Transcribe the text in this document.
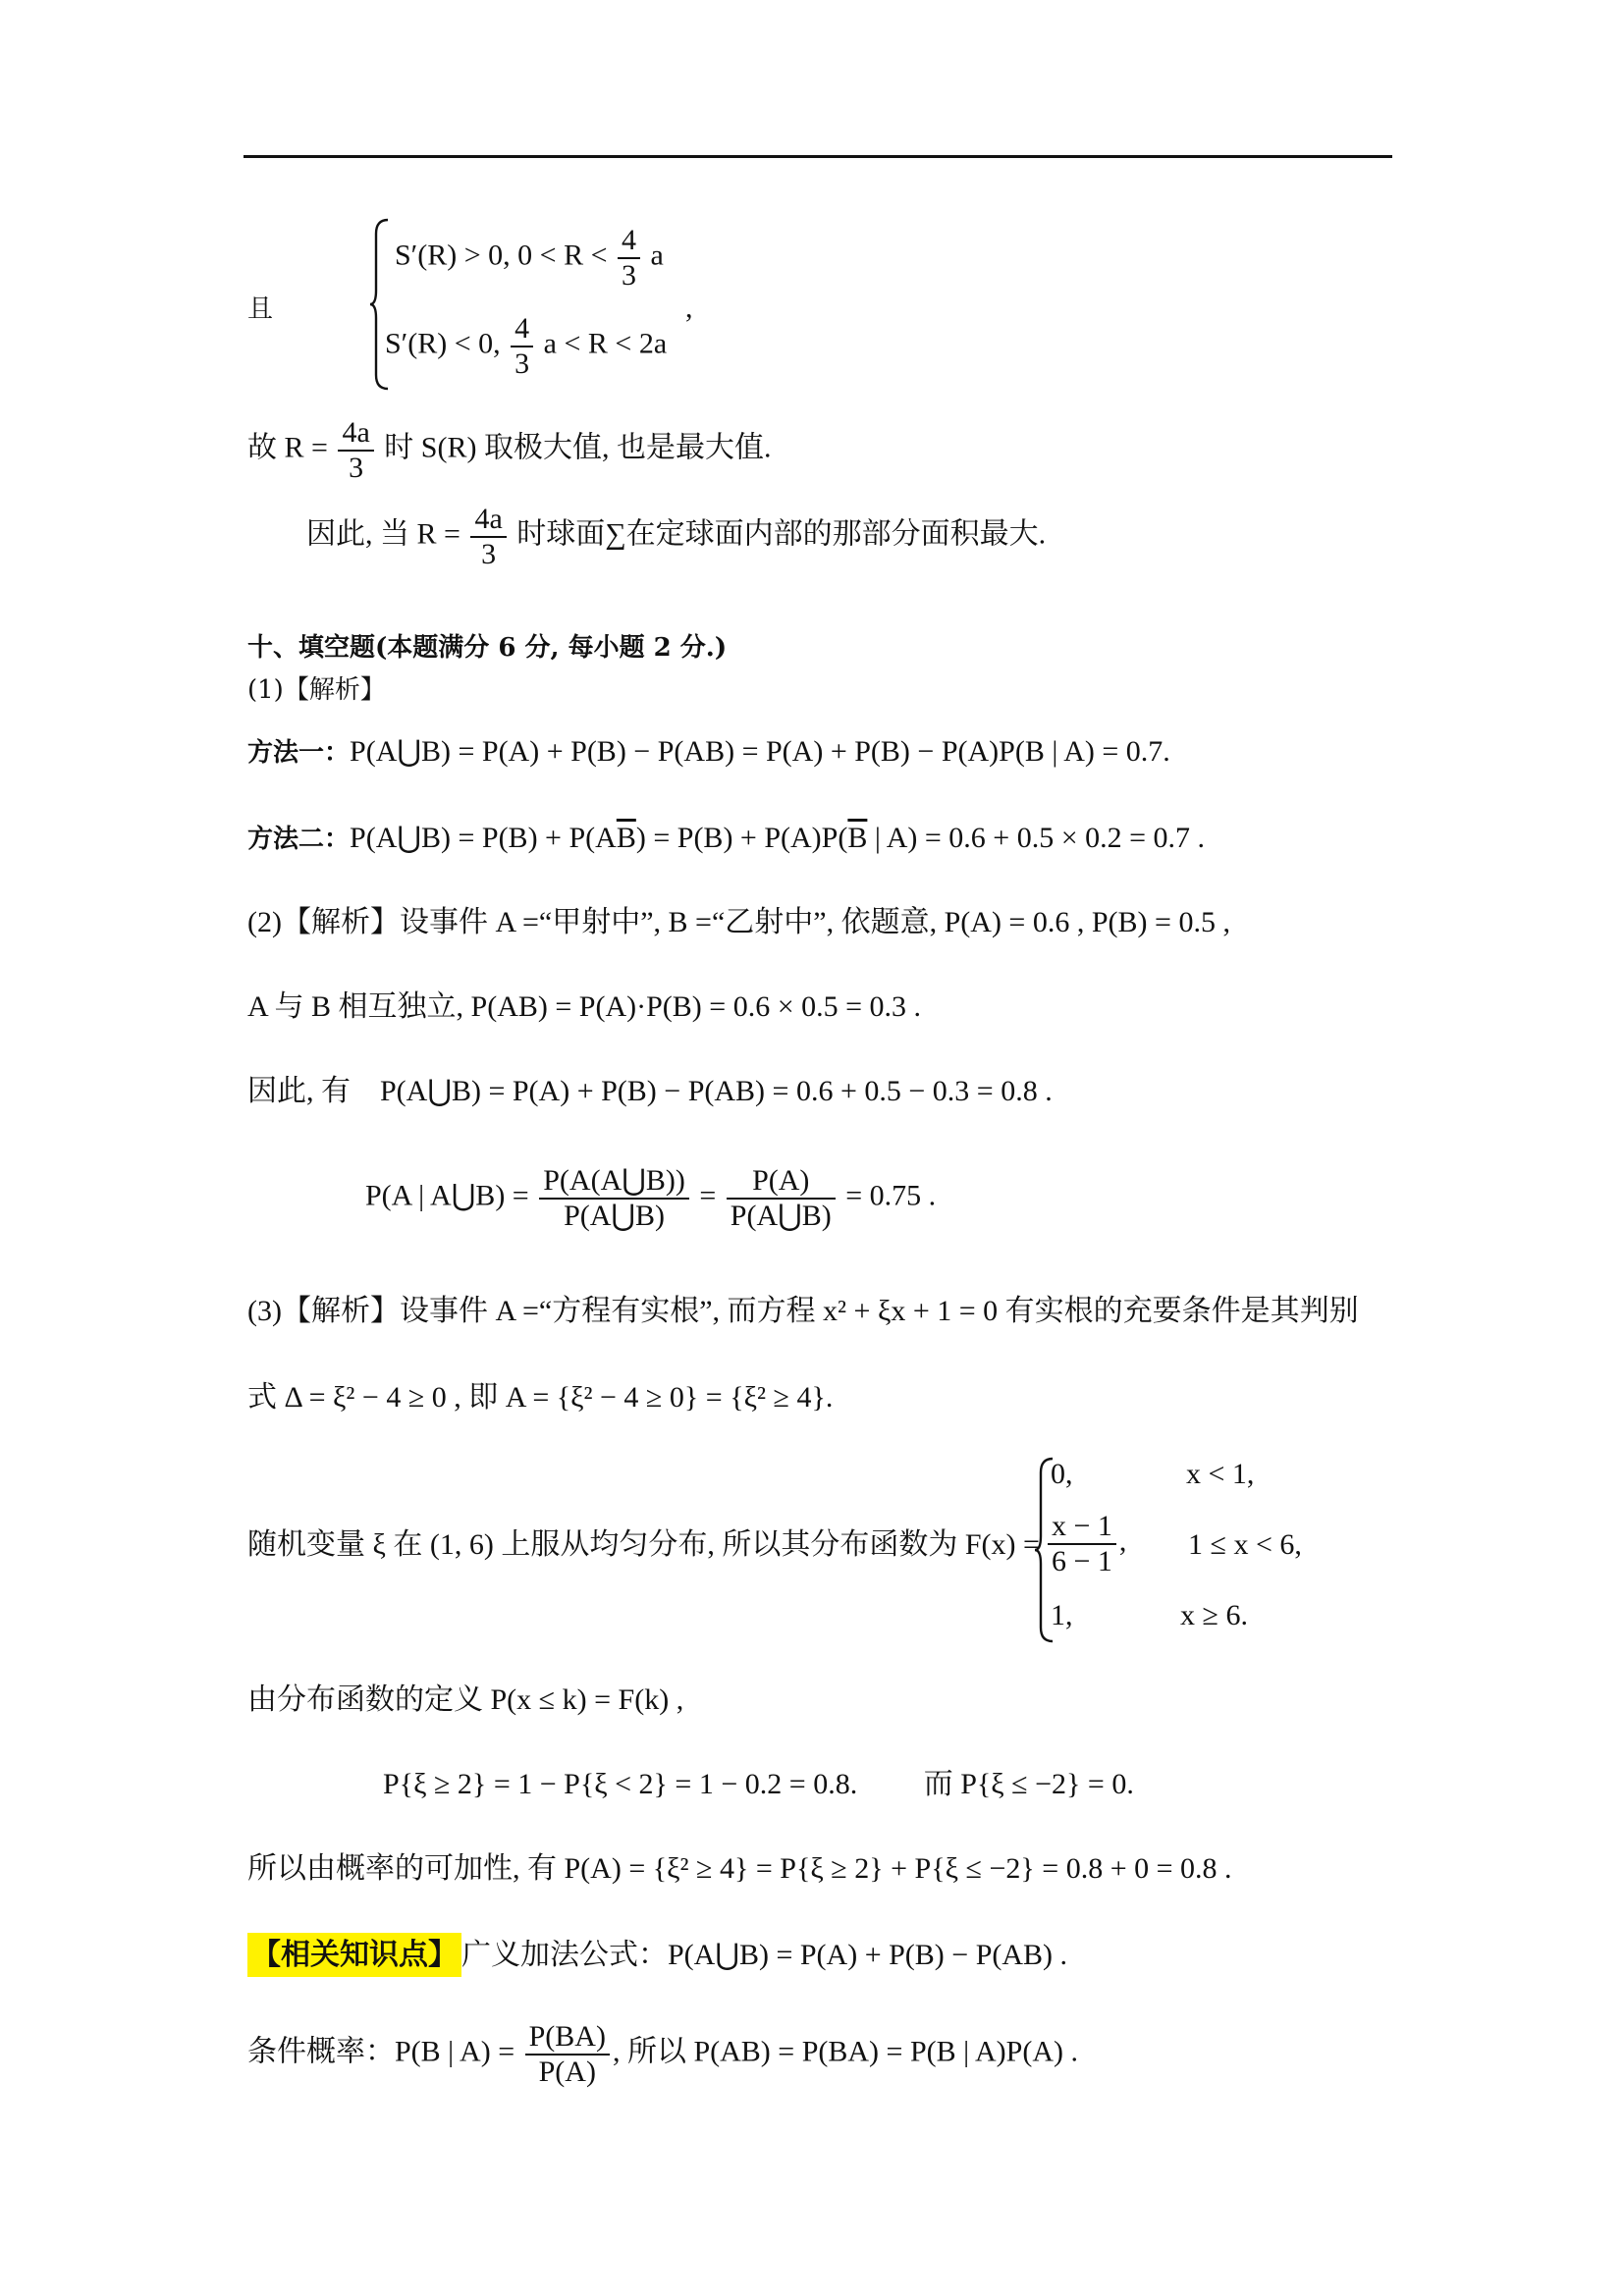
且
S′(R) > 0, $0 < R < \frac{4}{3}$ a
,
S′(R) < 0, $\frac{4}{3}$ a < R < 2a
故 $R = \frac{4a}{3}$ 时 S(R) 取极大值, 也是最大值.
因此, 当 $R = \frac{4a}{3}$ 时球面∑在定球面内部的那部分面积最大.
十、填空题(本题满分 6 分, 每小题 2 分.)
(1)【解析】
方法一：P(A⋃B) = P(A) + P(B) − P(AB) = P(A) + P(B) − P(A)P(B | A) = 0.7.
方法二：P(A⋃B) = $P(B) + P(A\overline{B}) = P(B) + P(A)P(\overline{B}$ | A) = 0.6 + 0.5 × 0.2 = 0.7 .
(2)【解析】设事件 A =“甲射中”, B =“乙射中”, 依题意, P(A) = 0.6 , P(B) = 0.5 ,
A 与 B 相互独立, P(AB) = P(A)·P(B) = 0.6 × 0.5 = 0.3 .
因此, 有　P(A⋃B) = P(A) + P(B) − P(AB) = 0.6 + 0.5 − 0.3 = 0.8 .
P(A | A⋃B) = $\frac{P(A(A⋃B))}{P(A⋃B)} = \frac{P(A)}{P(A⋃B)} = 0.75$ .
(3)【解析】设事件 A =“方程有实根”, 而方程 x² + ξx + 1 = 0 有实根的充要条件是其判别
式 Δ = ξ² − 4 ≥ 0 , 即 A = {ξ² − 4 ≥ 0} = {ξ² ≥ 4}.
随机变量 ξ 在 (1, 6) 上服从均匀分布, 所以其分布函数为 F(x) =
0,	x < 1,
$\frac{x - 1}{6 - 1}$ , 1 ≤ x < 6,
1,	x ≥ 6.
由分布函数的定义 P(x ≤ k) = F(k) ,
P{ξ ≥ 2} = 1 − P{ξ < 2} = 1 − 0.2 = 0.8.　　 而 P{ξ ≤ −2} = 0.
所以由概率的可加性, 有 P(A) = {ξ² ≥ 4} = P{ξ ≥ 2} + P{ξ ≤ −2} = 0.8 + 0 = 0.8 .
【相关知识点】 广义加法公式：P(A⋃B) = P(A) + P(B) − P(AB) .
条件概率：P(B | $A) = \frac{P(BA)}{P(A)}$ , 所以 P(AB) = P(BA) = P(B | A)P(A) .
